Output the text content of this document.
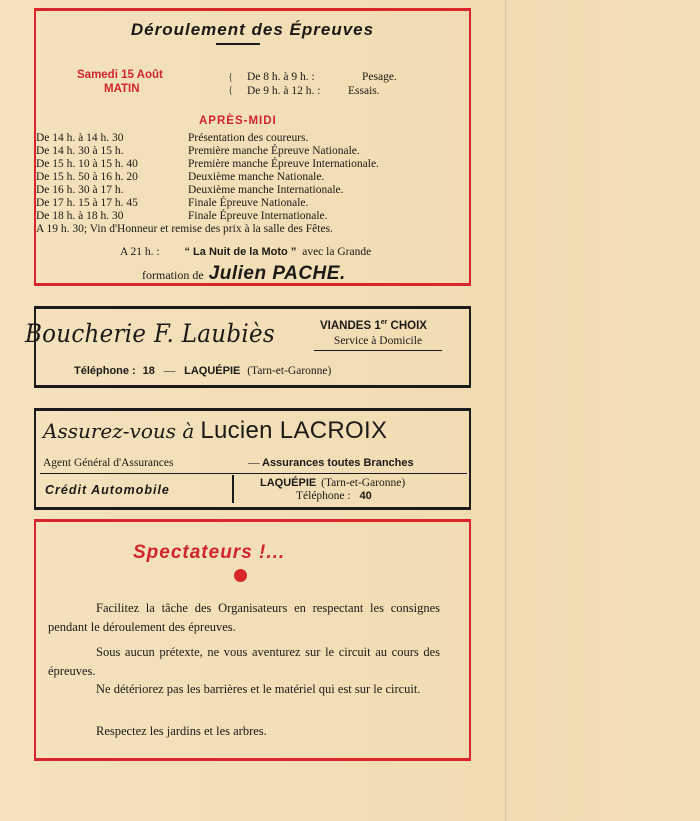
Déroulement des Épreuves
Samedi 15 Août
MATIN
{
{
De 8 h. à 9 h. :	Pesage.
De 9 h. à 12 h. : Essais.
APRÈS-MIDI
De 14 h. à 14 h. 30	Présentation des coureurs.
De 14 h. 30 à 15 h.	Première manche Épreuve Nationale.
De 15 h. 10 à 15 h. 40	Première manche Épreuve Internationale.
De 15 h. 50 à 16 h. 20	Deuxième manche Nationale.
De 16 h. 30 à 17 h.	Deuxième manche Internationale.
De 17 h. 15 à 17 h. 45	Finale Épreuve Nationale.
De 18 h. à 18 h. 30	Finale Épreuve Internationale.
A 19 h. 30; Vin d'Honneur et remise des prix à la salle des Fêtes.
A 21 h. : “ La Nuit de la Moto ” avec la Grande
formation de Julien PACHE.
Boucherie F. Laubiès	VIANDES 1er CHOIX
Service à Domicile
Téléphone : 18 — LAQUÉPIE (Tarn-et-Garonne)
Assurez-vous à Lucien LACROIX
Agent Général d'Assurances	— Assurances toutes Branches
Crédit Automobile	LAQUÉPIE (Tarn-et-Garonne)
Téléphone : 40
Spectateurs !...
Facilitez la tâche des Organisateurs en respectant les consignes pendant le déroulement des épreuves.
Sous aucun prétexte, ne vous aventurez sur le circuit au cours des épreuves.
Ne détériorez pas les barrières et le matériel qui est sur le circuit.
Respectez les jardins et les arbres.
